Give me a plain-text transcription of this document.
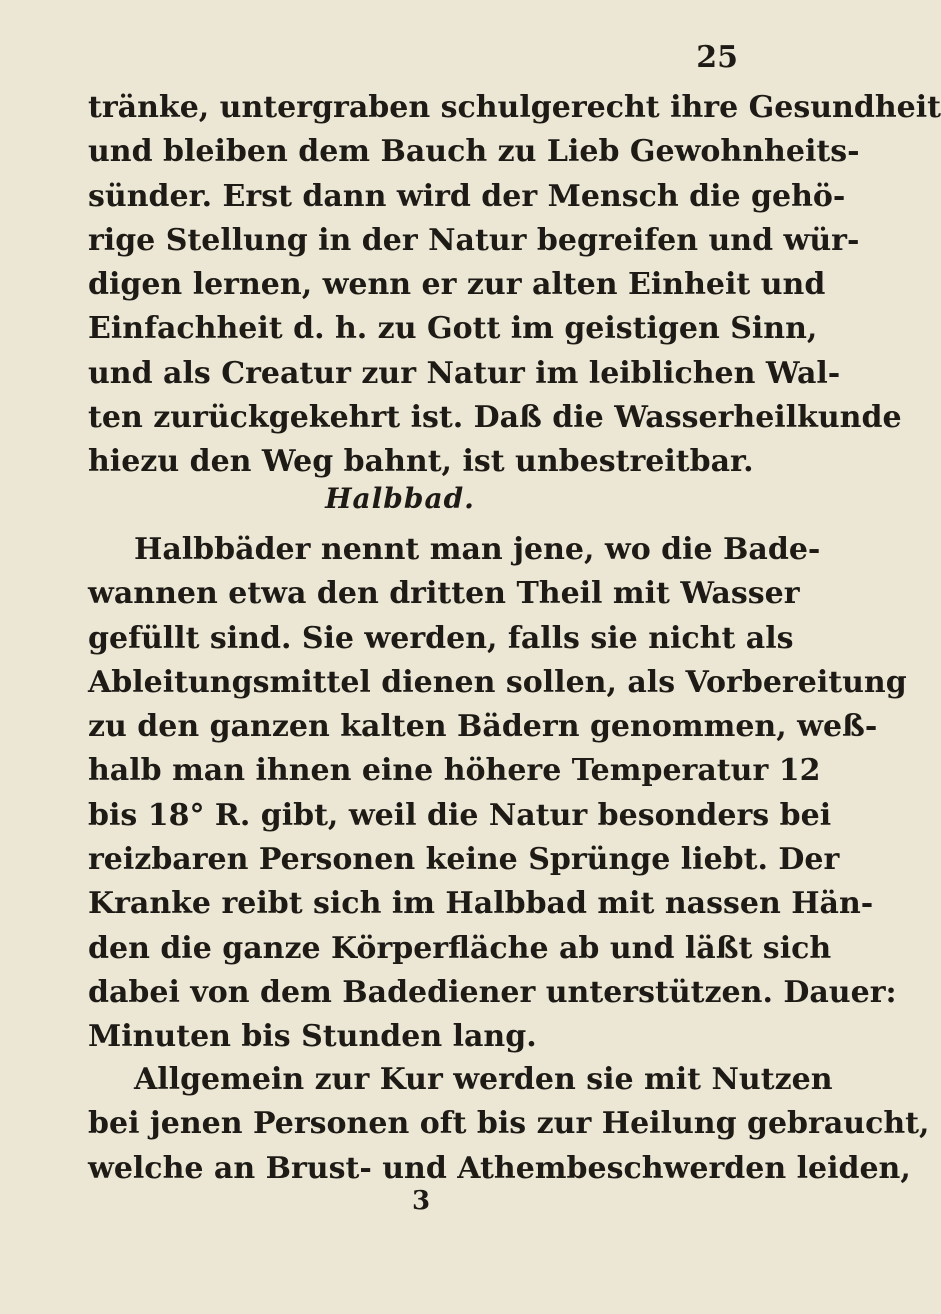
25
tränke, untergraben schulgerecht ihre Gesundheit
und bleiben dem Bauch zu Lieb Gewohnheits-
sünder. Erst dann wird der Mensch die gehö-
rige Stellung in der Natur begreifen und wür-
digen lernen, wenn er zur alten Einheit und
Einfachheit d. h. zu Gott im geistigen Sinn,
und als Creatur zur Natur im leiblichen Wal-
ten zurückgekehrt ist. Daß die Wasserheilkunde
hiezu den Weg bahnt, ist unbestreitbar.
Halbbad.
Halbbäder nennt man jene, wo die Bade-
wannen etwa den dritten Theil mit Wasser
gefüllt sind. Sie werden, falls sie nicht als
Ableitungsmittel dienen sollen, als Vorbereitung
zu den ganzen kalten Bädern genommen, weß-
halb man ihnen eine höhere Temperatur 12
bis 18° R. gibt, weil die Natur besonders bei
reizbaren Personen keine Sprünge liebt. Der
Kranke reibt sich im Halbbad mit nassen Hän-
den die ganze Körperfläche ab und läßt sich
dabei von dem Badediener unterstützen. Dauer:
Minuten bis Stunden lang.
Allgemein zur Kur werden sie mit Nutzen
bei jenen Personen oft bis zur Heilung gebraucht,
welche an Brust- und Athembeschwerden leiden,
3
